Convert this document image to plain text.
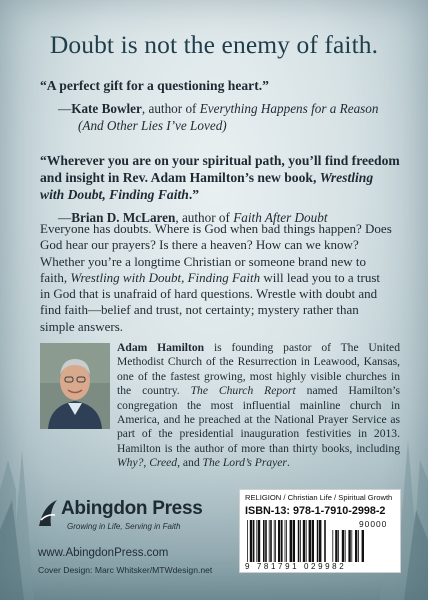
Doubt is not the enemy of faith.
“A perfect gift for a questioning heart.”
—Kate Bowler, author of Everything Happens for a Reason
(And Other Lies I’ve Loved)
“Wherever you are on your spiritual path, you’ll find freedom and insight in Rev. Adam Hamilton’s new book, Wrestling with Doubt, Finding Faith.”
—Brian D. McLaren, author of Faith After Doubt
Everyone has doubts. Where is God when bad things happen? Does God hear our prayers? Is there a heaven? How can we know? Whether you’re a longtime Christian or someone brand new to faith, Wrestling with Doubt, Finding Faith will lead you to a trust in God that is unafraid of hard questions. Wrestle with doubt and find faith—belief and trust, not certainty; mystery rather than simple answers.
Adam Hamilton is founding pastor of The United Methodist Church of the Resurrection in Leawood, Kansas, one of the fastest growing, most highly visible churches in the country. The Church Report named Hamilton’s congregation the most influential mainline church in America, and he preached at the National Prayer Service as part of the presidential inauguration festivities in 2013. Hamilton is the author of more than thirty books, including Why?, Creed, and The Lord’s Prayer.
Abingdon Press
Growing in Life, Serving in Faith
www.AbingdonPress.com
Cover Design: Marc Whitsker/MTWdesign.net
RELIGION / Christian Life / Spiritual Growth
ISBN-13: 978-1-7910-2998-2
90000
9 781791 029982
